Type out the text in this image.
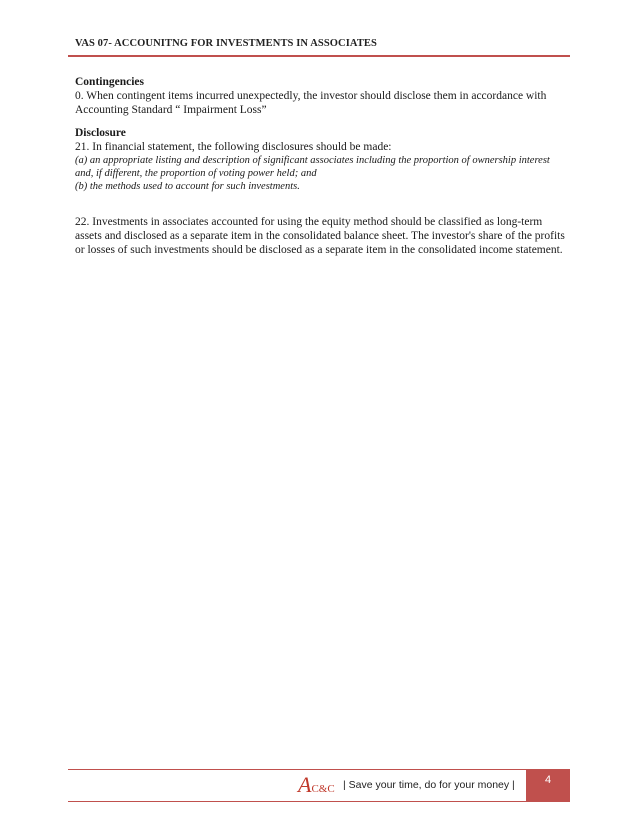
VAS 07- ACCOUNITNG FOR INVESTMENTS IN ASSOCIATES

Contingencies

0. When contingent items incurred unexpectedly, the investor should disclose them in accordance with Accounting Standard “ Impairment Loss”

Disclosure

21. In financial statement, the following disclosures should be made:

(a) an appropriate listing and description of significant associates including the proportion of ownership interest and, if different, the proportion of voting power held; and

(b) the methods used to account for such investments.

22. Investments in associates accounted for using the equity method should be classified as long-term assets and disclosed as a separate item in the consolidated balance sheet. The investor's share of the profits or losses of such investments should be disclosed as a separate item in the consolidated income statement.

AC&C | Save your time, do for your money |	4
